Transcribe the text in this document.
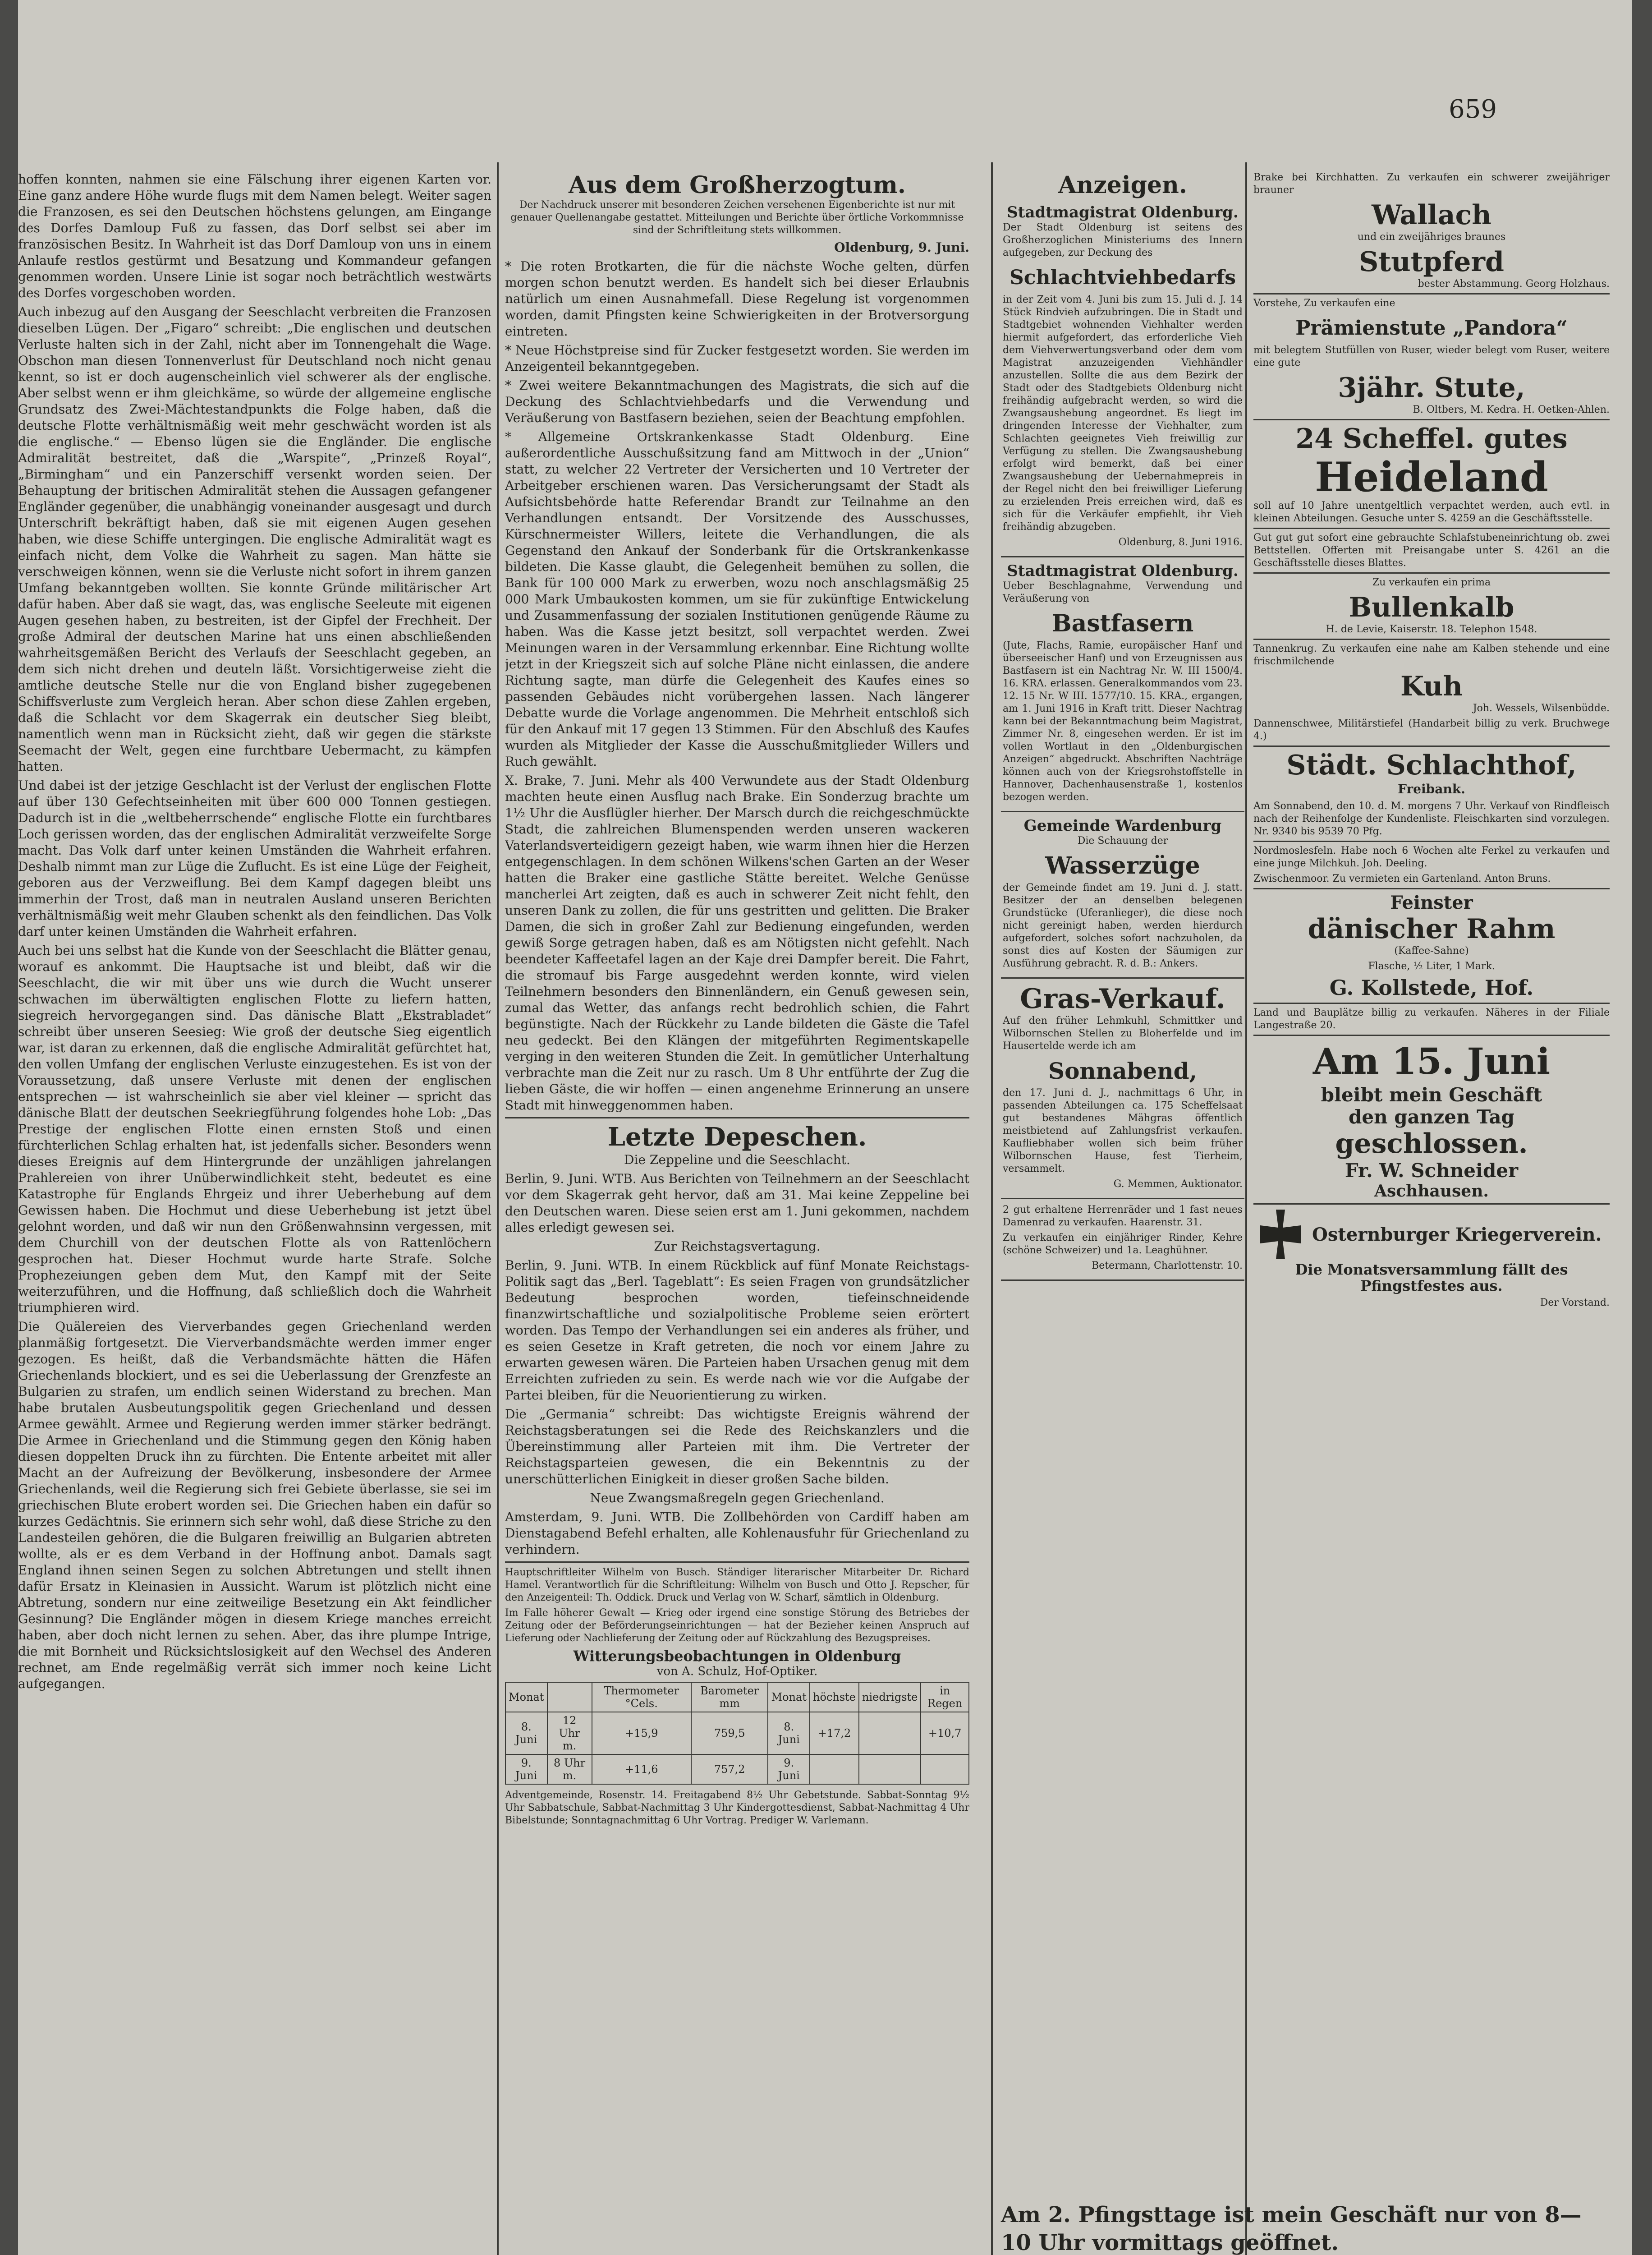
659

hoffen konnten, nahmen sie eine Fälschung ihrer eigenen Karten vor. Eine ganz andere Höhe wurde flugs mit dem Namen belegt. Weiter sagen die Franzosen, es sei den Deutschen höchstens gelungen, am Eingange des Dorfes Damloup Fuß zu fassen, das Dorf selbst sei aber im französischen Besitz. In Wahrheit ist das Dorf Damloup von uns in einem Anlaufe restlos gestürmt und Besatzung und Kommandeur gefangen genommen worden. Unsere Linie ist sogar noch beträchtlich westwärts des Dorfes vorgeschoben worden.

Auch inbezug auf den Ausgang der Seeschlacht verbreiten die Franzosen dieselben Lügen. Der „Figaro“ schreibt: „Die englischen und deutschen Verluste halten sich in der Zahl, nicht aber im Tonnengehalt die Wage. Obschon man diesen Tonnenverlust für Deutschland noch nicht genau kennt, so ist er doch augenscheinlich viel schwerer als der englische. Aber selbst wenn er ihm gleichkäme, so würde der allgemeine englische Grundsatz des Zwei-Mächtestandpunkts die Folge haben, daß die deutsche Flotte verhältnismäßig weit mehr geschwächt worden ist als die englische.“ — Ebenso lügen sie die Engländer. Die englische Admiralität bestreitet, daß die „Warspite“, „Prinzeß Royal“, „Birmingham“ und ein Panzerschiff versenkt worden seien. Der Behauptung der britischen Admiralität stehen die Aussagen gefangener Engländer gegenüber, die unabhängig voneinander ausgesagt und durch Unterschrift bekräftigt haben, daß sie mit eigenen Augen gesehen haben, wie diese Schiffe untergingen. Die englische Admiralität wagt es einfach nicht, dem Volke die Wahrheit zu sagen. Man hätte sie verschweigen können, wenn sie die Verluste nicht sofort in ihrem ganzen Umfang bekanntgeben wollten. Sie konnte Gründe militärischer Art dafür haben. Aber daß sie wagt, das, was englische Seeleute mit eigenen Augen gesehen haben, zu bestreiten, ist der Gipfel der Frechheit. Der große Admiral der deutschen Marine hat uns einen abschließenden wahrheitsgemäßen Bericht des Verlaufs der Seeschlacht gegeben, an dem sich nicht drehen und deuteln läßt. Vorsichtigerweise zieht die amtliche deutsche Stelle nur die von England bisher zugegebenen Schiffsverluste zum Vergleich heran. Aber schon diese Zahlen ergeben, daß die Schlacht vor dem Skagerrak ein deutscher Sieg bleibt, namentlich wenn man in Rücksicht zieht, daß wir gegen die stärkste Seemacht der Welt, gegen eine furchtbare Uebermacht, zu kämpfen hatten.

Und dabei ist der jetzige Geschlacht ist der Verlust der englischen Flotte auf über 130 Gefechtseinheiten mit über 600 000 Tonnen gestiegen. Dadurch ist in die „weltbeherrschende“ englische Flotte ein furchtbares Loch gerissen worden, das der englischen Admiralität verzweifelte Sorge macht. Das Volk darf unter keinen Umständen die Wahrheit erfahren. Deshalb nimmt man zur Lüge die Zuflucht. Es ist eine Lüge der Feigheit, geboren aus der Verzweiflung. Bei dem Kampf dagegen bleibt uns immerhin der Trost, daß man in neutralen Ausland unseren Berichten verhältnismäßig weit mehr Glauben schenkt als den feindlichen. Das Volk darf unter keinen Umständen die Wahrheit erfahren.

Auch bei uns selbst hat die Kunde von der Seeschlacht die Blätter genau, worauf es ankommt. Die Hauptsache ist und bleibt, daß wir die Seeschlacht, die wir mit über uns wie durch die Wucht unserer schwachen im überwältigten englischen Flotte zu liefern hatten, siegreich hervorgegangen sind. Das dänische Blatt „Ekstrabladet“ schreibt über unseren Seesieg: Wie groß der deutsche Sieg eigentlich war, ist daran zu erkennen, daß die englische Admiralität gefürchtet hat, den vollen Umfang der englischen Verluste einzugestehen. Es ist von der Voraussetzung, daß unsere Verluste mit denen der englischen entsprechen — ist wahrscheinlich sie aber viel kleiner — spricht das dänische Blatt der deutschen Seekriegführung folgendes hohe Lob: „Das Prestige der englischen Flotte einen ernsten Stoß und einen fürchterlichen Schlag erhalten hat, ist jedenfalls sicher. Besonders wenn dieses Ereignis auf dem Hintergrunde der unzähligen jahrelangen Prahlereien von ihrer Unüberwindlichkeit steht, bedeutet es eine Katastrophe für Englands Ehrgeiz und ihrer Ueberhebung auf dem Gewissen haben. Die Hochmut und diese Ueberhebung ist jetzt übel gelohnt worden, und daß wir nun den Größenwahnsinn vergessen, mit dem Churchill von der deutschen Flotte als von Rattenlöchern gesprochen hat. Dieser Hochmut wurde harte Strafe. Solche Prophezeiungen geben dem Mut, den Kampf mit der Seite weiterzuführen, und die Hoffnung, daß schließlich doch die Wahrheit triumphieren wird.

Die Quälereien des Vierverbandes gegen Griechenland werden planmäßig fortgesetzt. Die Vierverbandsmächte werden immer enger gezogen. Es heißt, daß die Verbandsmächte hätten die Häfen Griechenlands blockiert, und es sei die Ueberlassung der Grenzfeste an Bulgarien zu strafen, um endlich seinen Widerstand zu brechen. Man habe brutalen Ausbeutungspolitik gegen Griechenland und dessen Armee gewählt. Armee und Regierung werden immer stärker bedrängt. Die Armee in Griechenland und die Stimmung gegen den König haben diesen doppelten Druck ihn zu fürchten. Die Entente arbeitet mit aller Macht an der Aufreizung der Bevölkerung, insbesondere der Armee Griechenlands, weil die Regierung sich frei Gebiete überlasse, sie sei im griechischen Blute erobert worden sei. Die Griechen haben ein dafür so kurzes Gedächtnis. Sie erinnern sich sehr wohl, daß diese Striche zu den Landesteilen gehören, die die Bulgaren freiwillig an Bulgarien abtreten wollte, als er es dem Verband in der Hoffnung anbot. Damals sagt England ihnen seinen Segen zu solchen Abtretungen und stellt ihnen dafür Ersatz in Kleinasien in Aussicht. Warum ist plötzlich nicht eine Abtretung, sondern nur eine zeitweilige Besetzung ein Akt feindlicher Gesinnung? Die Engländer mögen in diesem Kriege manches erreicht haben, aber doch nicht lernen zu sehen. Aber, das ihre plumpe Intrige, die mit Bornheit und Rücksichtslosigkeit auf den Wechsel des Anderen rechnet, am Ende regelmäßig verrät sich immer noch keine Licht aufgegangen.

Aus dem Großherzogtum.

Der Nachdruck unserer mit besonderen Zeichen versehenen Eigenberichte ist nur mit genauer Quellenangabe gestattet. Mitteilungen und Berichte über örtliche Vorkommnisse sind der Schriftleitung stets willkommen.

Oldenburg, 9. Juni.

* Die roten Brotkarten, die für die nächste Woche gelten, dürfen morgen schon benutzt werden. Es handelt sich bei dieser Erlaubnis natürlich um einen Ausnahmefall. Diese Regelung ist vorgenommen worden, damit Pfingsten keine Schwierigkeiten in der Brotversorgung eintreten.

* Neue Höchstpreise sind für Zucker festgesetzt worden. Sie werden im Anzeigenteil bekanntgegeben.

* Zwei weitere Bekanntmachungen des Magistrats, die sich auf die Deckung des Schlachtviehbedarfs und die Verwendung und Veräußerung von Bastfasern beziehen, seien der Beachtung empfohlen.

* Allgemeine Ortskrankenkasse Stadt Oldenburg. Eine außerordentliche Ausschußsitzung fand am Mittwoch in der „Union“ statt, zu welcher 22 Vertreter der Versicherten und 10 Vertreter der Arbeitgeber erschienen waren. Das Versicherungsamt der Stadt als Aufsichtsbehörde hatte Referendar Brandt zur Teilnahme an den Verhandlungen entsandt. Der Vorsitzende des Ausschusses, Kürschnermeister Willers, leitete die Verhandlungen, die als Gegenstand den Ankauf der Sonderbank für die Ortskrankenkasse bildeten. Die Kasse glaubt, die Gelegenheit bemühen zu sollen, die Bank für 100 000 Mark zu erwerben, wozu noch anschlagsmäßig 25 000 Mark Umbaukosten kommen, um sie für zukünftige Entwickelung und Zusammenfassung der sozialen Institutionen genügende Räume zu haben. Was die Kasse jetzt besitzt, soll verpachtet werden. Zwei Meinungen waren in der Versammlung erkennbar. Eine Richtung wollte jetzt in der Kriegszeit sich auf solche Pläne nicht einlassen, die andere Richtung sagte, man dürfe die Gelegenheit des Kaufes eines so passenden Gebäudes nicht vorübergehen lassen. Nach längerer Debatte wurde die Vorlage angenommen. Die Mehrheit entschloß sich für den Ankauf mit 17 gegen 13 Stimmen. Für den Abschluß des Kaufes wurden als Mitglieder der Kasse die Ausschußmitglieder Willers und Ruch gewählt.

X. Brake, 7. Juni. Mehr als 400 Verwundete aus der Stadt Oldenburg machten heute einen Ausflug nach Brake. Ein Sonderzug brachte um 1½ Uhr die Ausflügler hierher. Der Marsch durch die reichgeschmückte Stadt, die zahlreichen Blumenspenden werden unseren wackeren Vaterlandsverteidigern gezeigt haben, wie warm ihnen hier die Herzen entgegenschlagen. In dem schönen Wilkens'schen Garten an der Weser hatten die Braker eine gastliche Stätte bereitet. Welche Genüsse mancherlei Art zeigten, daß es auch in schwerer Zeit nicht fehlt, den unseren Dank zu zollen, die für uns gestritten und gelitten. Die Braker Damen, die sich in großer Zahl zur Bedienung eingefunden, werden gewiß Sorge getragen haben, daß es am Nötigsten nicht gefehlt. Nach beendeter Kaffeetafel lagen an der Kaje drei Dampfer bereit. Die Fahrt, die stromauf bis Farge ausgedehnt werden konnte, wird vielen Teilnehmern besonders den Binnenländern, ein Genuß gewesen sein, zumal das Wetter, das anfangs recht bedrohlich schien, die Fahrt begünstigte. Nach der Rückkehr zu Lande bildeten die Gäste die Tafel neu gedeckt. Bei den Klängen der mitgeführten Regimentskapelle verging in den weiteren Stunden die Zeit. In gemütlicher Unterhaltung verbrachte man die Zeit nur zu rasch. Um 8 Uhr entführte der Zug die lieben Gäste, die wir hoffen — einen angenehme Erinnerung an unsere Stadt mit hinweggenommen haben.

Letzte Depeschen.

Die Zeppeline und die Seeschlacht.

Berlin, 9. Juni. WTB. Aus Berichten von Teilnehmern an der Seeschlacht vor dem Skagerrak geht hervor, daß am 31. Mai keine Zeppeline bei den Deutschen waren. Diese seien erst am 1. Juni gekommen, nachdem alles erledigt gewesen sei.

Zur Reichstagsvertagung.

Berlin, 9. Juni. WTB. In einem Rückblick auf fünf Monate Reichstags-Politik sagt das „Berl. Tageblatt“: Es seien Fragen von grundsätzlicher Bedeutung besprochen worden, tiefeinschneidende finanzwirtschaftliche und sozialpolitische Probleme seien erörtert worden. Das Tempo der Verhandlungen sei ein anderes als früher, und es seien Gesetze in Kraft getreten, die noch vor einem Jahre zu erwarten gewesen wären. Die Parteien haben Ursachen genug mit dem Erreichten zufrieden zu sein. Es werde nach wie vor die Aufgabe der Partei bleiben, für die Neuorientierung zu wirken.

Die „Germania“ schreibt: Das wichtigste Ereignis während der Reichstagsberatungen sei die Rede des Reichskanzlers und die Übereinstimmung aller Parteien mit ihm. Die Vertreter der Reichstagsparteien gewesen, die ein Bekenntnis zu der unerschütterlichen Einigkeit in dieser großen Sache bilden.

Neue Zwangsmaßregeln gegen Griechenland.

Amsterdam, 9. Juni. WTB. Die Zollbehörden von Cardiff haben am Dienstagabend Befehl erhalten, alle Kohlenausfuhr für Griechenland zu verhindern.

Hauptschriftleiter Wilhelm von Busch. Ständiger literarischer Mitarbeiter Dr. Richard Hamel. Verantwortlich für die Schriftleitung: Wilhelm von Busch und Otto J. Repscher, für den Anzeigenteil: Th. Oddick. Druck und Verlag von W. Scharf, sämtlich in Oldenburg.

Im Falle höherer Gewalt — Krieg oder irgend eine sonstige Störung des Betriebes der Zeitung oder der Beförderungseinrichtungen — hat der Bezieher keinen Anspruch auf Lieferung oder Nachlieferung der Zeitung oder auf Rückzahlung des Bezugspreises.

Witterungsbeobachtungen in Oldenburg
von A. Schulz, Hof-Optiker.
Monat		Thermometer °Cels.	Barometer mm	Monat	höchste	niedrigste	in Regen
8. Juni	12 Uhr m.	+15,9	759,5	8. Juni	+17,2		+10,7
9. Juni	8 Uhr m.	+11,6	757,2	9. Juni			

Adventgemeinde, Rosenstr. 14. Freitagabend 8½ Uhr Gebetstunde. Sabbat-Sonntag 9½ Uhr Sabbatschule, Sabbat-Nachmittag 3 Uhr Kindergottesdienst, Sabbat-Nachmittag 4 Uhr Bibelstunde; Sonntagnachmittag 6 Uhr Vortrag. Prediger W. Varlemann.

Anzeigen.
Stadtmagistrat Oldenburg.

Der Stadt Oldenburg ist seitens des Großherzoglichen Ministeriums des Innern aufgegeben, zur Deckung des

Schlachtviehbedarfs

in der Zeit vom 4. Juni bis zum 15. Juli d. J. 14 Stück Rindvieh aufzubringen. Die in Stadt und Stadtgebiet wohnenden Viehhalter werden hiermit aufgefordert, das erforderliche Vieh dem Viehverwertungsverband oder dem vom Magistrat anzuzeigenden Viehhändler anzustellen. Sollte die aus dem Bezirk der Stadt oder des Stadtgebiets Oldenburg nicht freihändig aufgebracht werden, so wird die Zwangsaushebung angeordnet. Es liegt im dringenden Interesse der Viehhalter, zum Schlachten geeignetes Vieh freiwillig zur Verfügung zu stellen. Die Zwangsaushebung erfolgt wird bemerkt, daß bei einer Zwangsaushebung der Uebernahmepreis in der Regel nicht den bei freiwilliger Lieferung zu erzielenden Preis erreichen wird, daß es sich für die Verkäufer empfiehlt, ihr Vieh freihändig abzugeben.

Oldenburg, 8. Juni 1916.

Stadtmagistrat Oldenburg.

Ueber Beschlagnahme, Verwendung und Veräußerung von

Bastfasern

(Jute, Flachs, Ramie, europäischer Hanf und überseeischer Hanf) und von Erzeugnissen aus Bastfasern ist ein Nachtrag Nr. W. III 1500/4. 16. KRA. erlassen. Generalkommandos vom 23. 12. 15 Nr. W III. 1577/10. 15. KRA., ergangen, am 1. Juni 1916 in Kraft tritt. Dieser Nachtrag kann bei der Bekanntmachung beim Magistrat, Zimmer Nr. 8, eingesehen werden. Er ist im vollen Wortlaut in den „Oldenburgischen Anzeigen“ abgedruckt. Abschriften Nachträge können auch von der Kriegsrohstoffstelle in Hannover, Dachenhausenstraße 1, kostenlos bezogen werden.

Gemeinde Wardenburg

Die Schauung der

Wasserzüge

der Gemeinde findet am 19. Juni d. J. statt. Besitzer der an denselben belegenen Grundstücke (Uferanlieger), die diese noch nicht gereinigt haben, werden hierdurch aufgefordert, solches sofort nachzuholen, da sonst dies auf Kosten der Säumigen zur Ausführung gebracht. R. d. B.: Ankers.

Gras-Verkauf.

Auf den früher Lehmkuhl, Schmittker und Wilbornschen Stellen zu Bloherfelde und im Hausertelde werde ich am

Sonnabend,

den 17. Juni d. J., nachmittags 6 Uhr, in passenden Abteilungen ca. 175 Scheffelsaat gut bestandenes Mähgras öffentlich meistbietend auf Zahlungsfrist verkaufen. Kaufliebhaber wollen sich beim früher Wilbornschen Hause, fest Tierheim, versammelt.

G. Memmen, Auktionator.

2 gut erhaltene Herrenräder und 1 fast neues Damenrad zu verkaufen. Haarenstr. 31.

Zu verkaufen ein einjähriger Rinder, Kehre (schöne Schweizer) und 1a. Leaghühner.

Betermann, Charlottenstr. 10.

Brake bei Kirchhatten. Zu verkaufen ein schwerer zweijähriger brauner

Wallach

und ein zweijähriges braunes

Stutpferd

bester Abstammung. Georg Holzhaus.

Vorstehe, Zu verkaufen eine

Prämienstute „Pandora“

mit belegtem Stutfüllen von Ruser, wieder belegt vom Ruser, weitere eine gute

3jähr. Stute,

B. Oltbers, M. Kedra. H. Oetken-Ahlen.

24 Scheffel. gutes
Heideland

soll auf 10 Jahre unentgeltlich verpachtet werden, auch evtl. in kleinen Abteilungen. Gesuche unter S. 4259 an die Geschäftsstelle.

Gut gut gut sofort eine gebrauchte Schlafstubeneinrichtung ob. zwei Bettstellen. Offerten mit Preisangabe unter S. 4261 an die Geschäftsstelle dieses Blattes.

Zu verkaufen ein prima

Bullenkalb

H. de Levie, Kaiserstr. 18. Telephon 1548.

Tannenkrug. Zu verkaufen eine nahe am Kalben stehende und eine frischmilchende

Kuh

Joh. Wessels, Wilsenbüdde.

Dannenschwee, Militärstiefel (Handarbeit billig zu verk. Bruchwege 4.)

Städt. Schlachthof,

Freibank.

Am Sonnabend, den 10. d. M. morgens 7 Uhr. Verkauf von Rindfleisch nach der Reihenfolge der Kundenliste. Fleischkarten sind vorzulegen. Nr. 9340 bis 9539 70 Pfg.

Nordmoslesfeln. Habe noch 6 Wochen alte Ferkel zu verkaufen und eine junge Milchkuh. Joh. Deeling.

Zwischenmoor. Zu vermieten ein Gartenland. Anton Bruns.

Feinster
dänischer Rahm

(Kaffee-Sahne)

Flasche, ½ Liter, 1 Mark.

G. Kollstede, Hof.

Land und Bauplätze billig zu verkaufen. Näheres in der Filiale Langestraße 20.

Am 15. Juni
bleibt mein Geschäft
den ganzen Tag
geschlossen.
Fr. W. Schneider
Aschhausen.
Osternburger Kriegerverein.

Die Monatsversammlung fällt des Pfingstfestes aus.

Der Vorstand.

Am 2. Pfingsttage ist mein Geschäft nur von 8—10 Uhr vormittags geöffnet.
